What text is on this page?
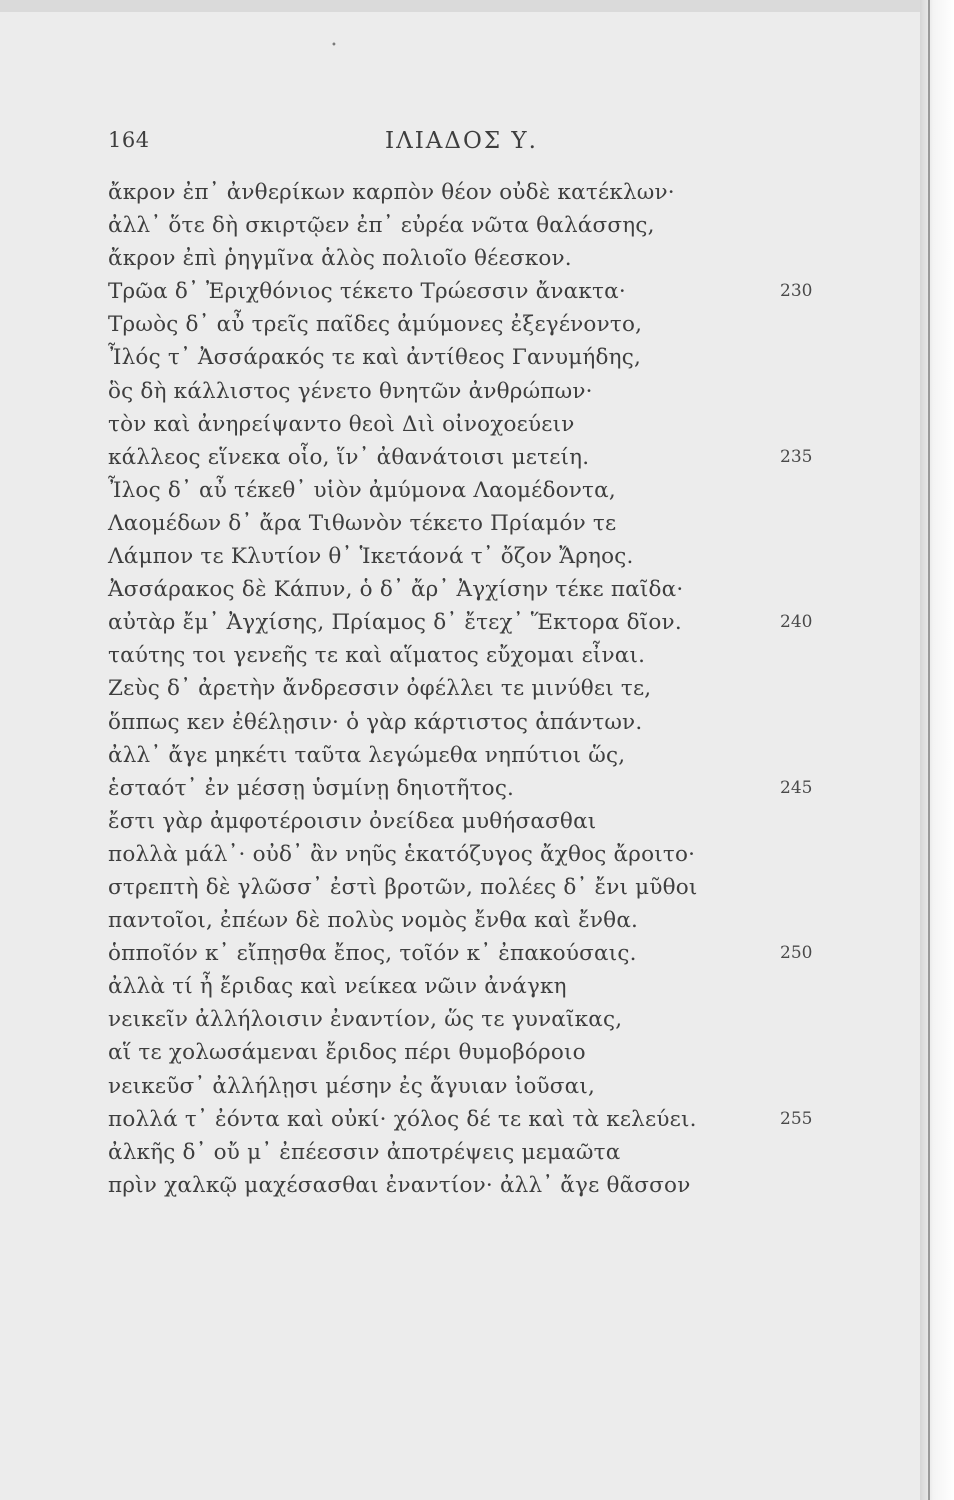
•
164	ΙΛΙΑΔΟΣ Υ.
ἄκρον ἐπ᾽ ἀνθερίκων καρπὸν θέον οὐδὲ κατέκλων·
ἀλλ᾽ ὅτε δὴ σκιρτῷεν ἐπ᾽ εὐρέα νῶτα θαλάσσης,
ἄκρον ἐπὶ ῥηγμῖνα ἁλὸς πολιοῖο θέεσκον.
Τρῶα δ᾽ Ἐριχθόνιος τέκετο Τρώεσσιν ἄνακτα·	230
Τρωὸς δ᾽ αὖ τρεῖς παῖδες ἀμύμονες ἐξεγένοντο,
Ἶλός τ᾽ Ἀσσάρακός τε καὶ ἀντίθεος Γανυμήδης,
ὃς δὴ κάλλιστος γένετο θνητῶν ἀνθρώπων·
τὸν καὶ ἀνηρείψαντο θεοὶ Διὶ οἰνοχοεύειν
κάλλεος εἵνεκα οἷο, ἵν᾽ ἀθανάτοισι μετείη.	235
Ἶλος δ᾽ αὖ τέκεθ᾽ υἱὸν ἀμύμονα Λαομέδοντα,
Λαομέδων δ᾽ ἄρα Τιθωνὸν τέκετο Πρίαμόν τε
Λάμπον τε Κλυτίον θ᾽ Ἱκετάονά τ᾽ ὄζον Ἄρηος.
Ἀσσάρακος δὲ Κάπυν, ὁ δ᾽ ἄρ᾽ Ἀγχίσην τέκε παῖδα·
αὐτὰρ ἔμ᾽ Ἀγχίσης, Πρίαμος δ᾽ ἔτεχ᾽ Ἕκτορα δῖον.	240
ταύτης τοι γενεῆς τε καὶ αἵματος εὔχομαι εἶναι.
Ζεὺς δ᾽ ἀρετὴν ἄνδρεσσιν ὀφέλλει τε μινύθει τε,
ὅππως κεν ἐθέλῃσιν· ὁ γὰρ κάρτιστος ἁπάντων.
ἀλλ᾽ ἄγε μηκέτι ταῦτα λεγώμεθα νηπύτιοι ὥς,
ἑσταότ᾽ ἐν μέσσῃ ὑσμίνῃ δηιοτῆτος.	245
ἔστι γὰρ ἀμφοτέροισιν ὀνείδεα μυθήσασθαι
πολλὰ μάλ᾽· οὐδ᾽ ἂν νηῦς ἑκατόζυγος ἄχθος ἄροιτο·
στρεπτὴ δὲ γλῶσσ᾽ ἐστὶ βροτῶν, πολέες δ᾽ ἔνι μῦθοι
παντοῖοι, ἐπέων δὲ πολὺς νομὸς ἔνθα καὶ ἔνθα.
ὁπποῖόν κ᾽ εἴπῃσθα ἔπος, τοῖόν κ᾽ ἐπακούσαις.	250
ἀλλὰ τί ἦ ἔριδας καὶ νείκεα νῶιν ἀνάγκη
νεικεῖν ἀλλήλοισιν ἐναντίον, ὥς τε γυναῖκας,
αἵ τε χολωσάμεναι ἔριδος πέρι θυμοβόροιο
νεικεῦσ᾽ ἀλλήλῃσι μέσην ἐς ἄγυιαν ἰοῦσαι,
πολλά τ᾽ ἐόντα καὶ οὐκί· χόλος δέ τε καὶ τὰ κελεύει.	255
ἀλκῆς δ᾽ οὔ μ᾽ ἐπέεσσιν ἀποτρέψεις μεμαῶτα
πρὶν χαλκῷ μαχέσασθαι ἐναντίον· ἀλλ᾽ ἄγε θᾶσσον
